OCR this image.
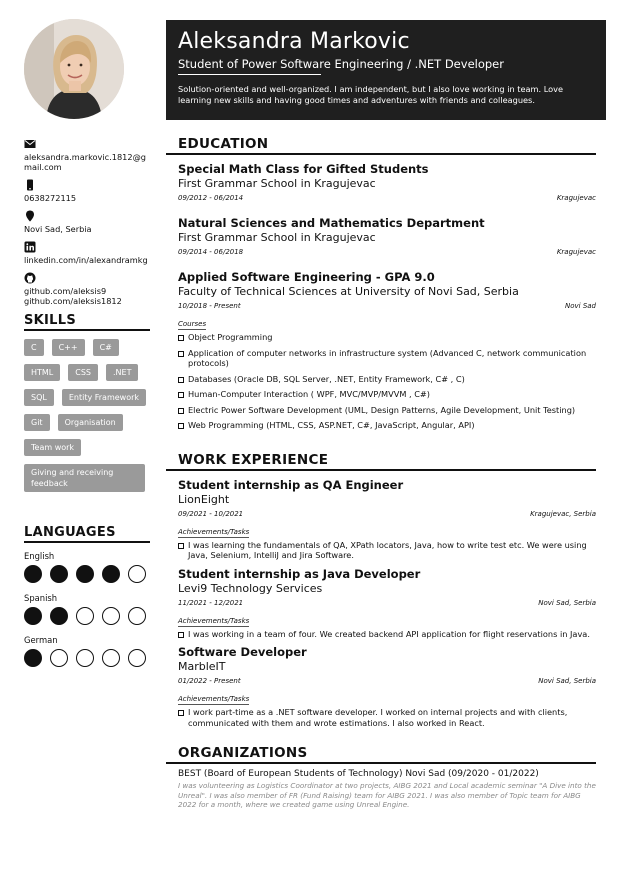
Aleksandra Markovic
Student of Power Software Engineering / .NET Developer
Solution-oriented and well-organized. I am independent, but I also love working in team. Love learning new skills and having good times and adventures with friends and colleagues.
aleksandra.markovic.1812@gmail.com
0638272115
Novi Sad, Serbia
linkedin.com/in/alexandramkg
github.com/aleksis9
github.com/aleksis1812
SKILLS
C	C++	C#
HTML	CSS	.NET
SQL	Entity Framework
Git	Organisation
Team work
Giving and receiving feedback
LANGUAGES
English
Spanish
German
EDUCATION
Special Math Class for Gifted Students
First Grammar School in Kragujevac
09/2012 - 06/2014	Kragujevac
Natural Sciences and Mathematics Department
First Grammar School in Kragujevac
09/2014 - 06/2018	Kragujevac
Applied Software Engineering - GPA 9.0
Faculty of Technical Sciences at University of Novi Sad, Serbia
10/2018 - Present	Novi Sad
Courses
Object Programming
Application of computer networks in infrastructure system (Advanced C, network communication protocols)
Databases (Oracle DB, SQL Server, .NET, Entity Framework, C# , C)
Human-Computer Interaction ( WPF, MVC/MVP/MVVM , C#)
Electric Power Software Development (UML, Design Patterns, Agile Development, Unit Testing)
Web Programming (HTML, CSS, ASP.NET, C#, JavaScript, Angular, API)
WORK EXPERIENCE
Student internship as QA Engineer
LionEight
09/2021 - 10/2021	Kragujevac, Serbia
Achievements/Tasks
I was learning the fundamentals of QA, XPath locators, Java, how to write test etc. We were using Java, Selenium, IntelliJ and Jira Software.
Student internship as Java Developer
Levi9 Technology Services
11/2021 - 12/2021	Novi Sad, Serbia
Achievements/Tasks
I was working in a team of four. We created backend API application for flight reservations in Java.
Software Developer
MarbleIT
01/2022 - Present	Novi Sad, Serbia
Achievements/Tasks
I work part-time as a .NET software developer. I worked on internal projects and with clients, communicated with them and wrote estimations. I also worked in React.
ORGANIZATIONS
BEST (Board of European Students of Technology) Novi Sad (09/2020 - 01/2022)
I was volunteering as Logistics Coordinator at two projects, AIBG 2021 and Local academic seminar "A Dive into the Unreal". I was also member of FR (Fund Raising) team for AIBG 2021. I was also member of Topic team for AIBG 2022 for a month, where we created game using Unreal Engine.
